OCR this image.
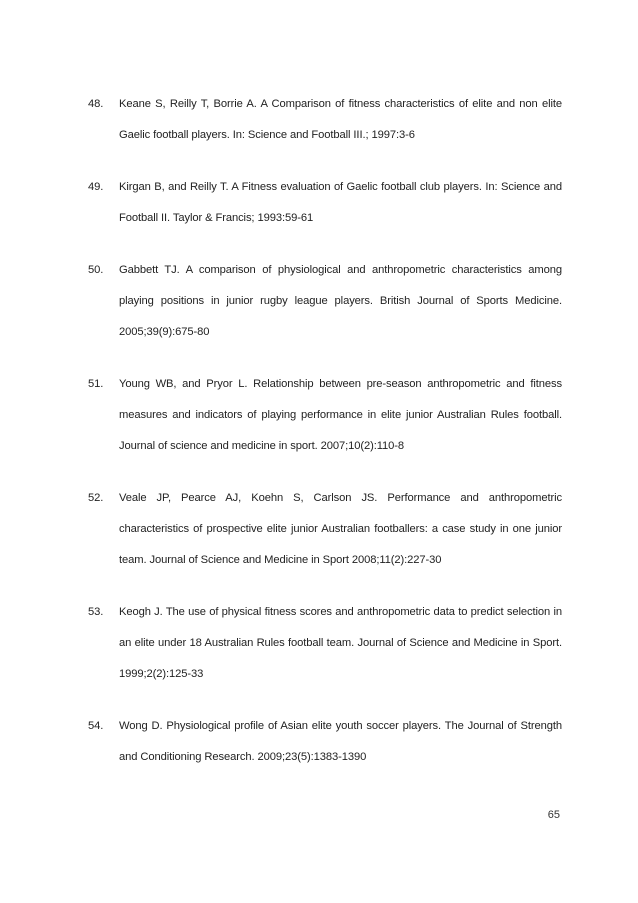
48. Keane S, Reilly T, Borrie A. A Comparison of fitness characteristics of elite and non elite Gaelic football players. In: Science and Football III.; 1997:3-6
49. Kirgan B, and Reilly T. A Fitness evaluation of Gaelic football club players. In: Science and Football II. Taylor & Francis; 1993:59-61
50. Gabbett TJ. A comparison of physiological and anthropometric characteristics among playing positions in junior rugby league players. British Journal of Sports Medicine. 2005;39(9):675-80
51. Young WB, and Pryor L. Relationship between pre-season anthropometric and fitness measures and indicators of playing performance in elite junior Australian Rules football. Journal of science and medicine in sport. 2007;10(2):110-8
52. Veale JP, Pearce AJ, Koehn S, Carlson JS. Performance and anthropometric characteristics of prospective elite junior Australian footballers: a case study in one junior team. Journal of Science and Medicine in Sport 2008;11(2):227-30
53. Keogh J. The use of physical fitness scores and anthropometric data to predict selection in an elite under 18 Australian Rules football team. Journal of Science and Medicine in Sport. 1999;2(2):125-33
54. Wong D. Physiological profile of Asian elite youth soccer players. The Journal of Strength and Conditioning Research. 2009;23(5):1383-1390
65
